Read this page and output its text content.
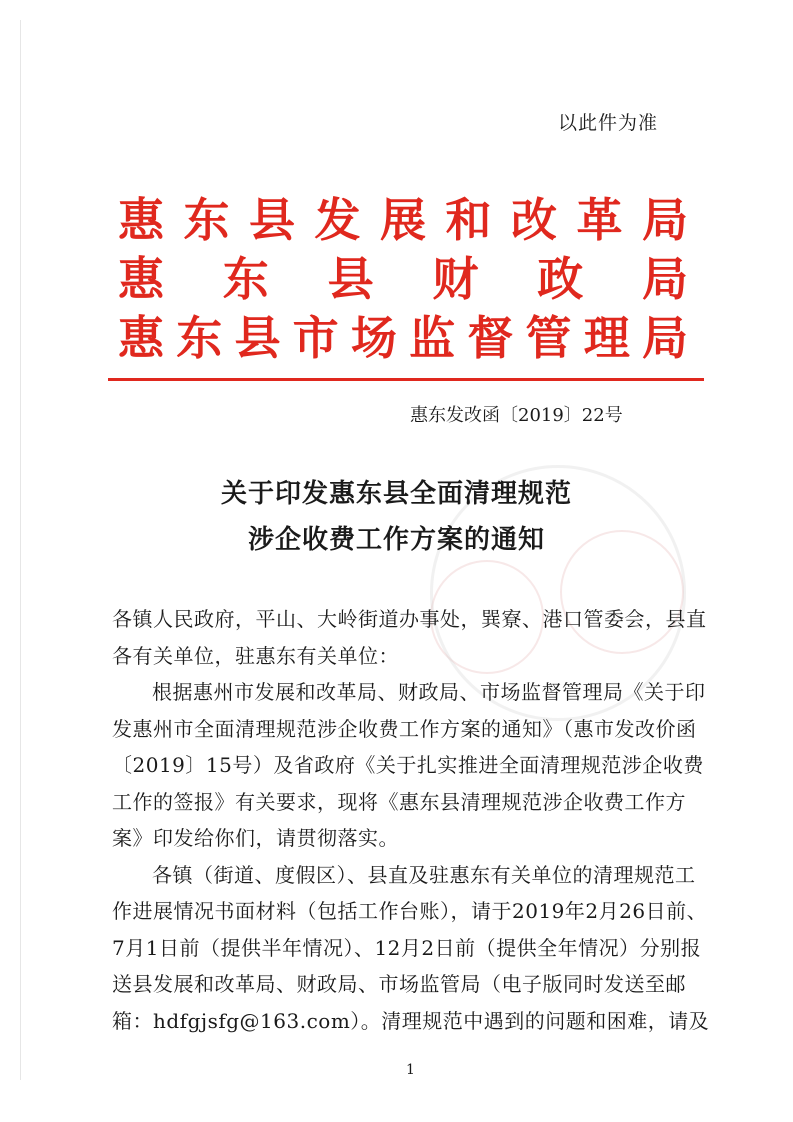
以此件为准
惠 东 县 发 展 和 改 革 局
惠 东 县 财 政 局
惠 东 县 市 场 监 督 管 理 局
惠东发改函〔2019〕22号
关于印发惠东县全面清理规范
涉企收费工作方案的通知

各镇人民政府，平山、大岭街道办事处，巽寮、港口管委会，县直各有关单位，驻惠东有关单位：

根据惠州市发展和改革局、财政局、市场监督管理局《关于印发惠州市全面清理规范涉企收费工作方案的通知》（惠市发改价函〔2019〕15号）及省政府《关于扎实推进全面清理规范涉企收费工作的签报》有关要求，现将《惠东县清理规范涉企收费工作方案》印发给你们，请贯彻落实。

各镇（街道、度假区）、县直及驻惠东有关单位的清理规范工作进展情况书面材料（包括工作台账），请于2019年2月26日前、7月1日前（提供半年情况）、12月2日前（提供全年情况）分别报送县发展和改革局、财政局、市场监管局（电子版同时发送至邮箱：hdfgjsfg@163.com）。清理规范中遇到的问题和困难，请及

1
